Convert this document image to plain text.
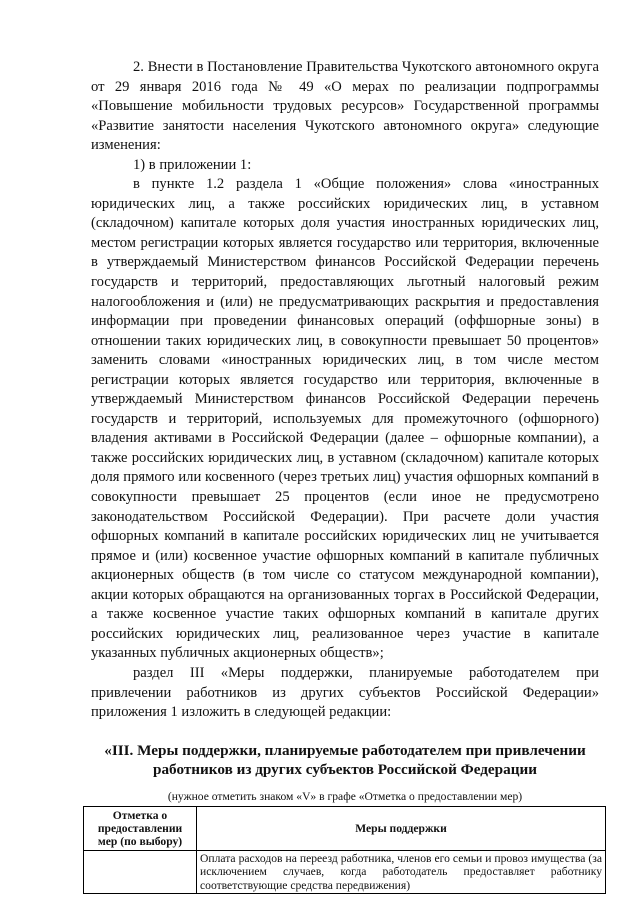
2. Внести в Постановление Правительства Чукотского автономного округа от 29 января 2016 года № 49 «О мерах по реализации подпрограммы «Повышение мобильности трудовых ресурсов» Государственной программы «Развитие занятости населения Чукотского автономного округа» следующие изменения:

1) в приложении 1:

в пункте 1.2 раздела 1 «Общие положения» слова «иностранных юридических лиц, а также российских юридических лиц, в уставном (складочном) капитале которых доля участия иностранных юридических лиц, местом регистрации которых является государство или территория, включенные в утверждаемый Министерством финансов Российской Федерации перечень государств и территорий, предоставляющих льготный налоговый режим налогообложения и (или) не предусматривающих раскрытия и предоставления информации при проведении финансовых операций (оффшорные зоны) в отношении таких юридических лиц, в совокупности превышает 50 процентов» заменить словами «иностранных юридических лиц, в том числе местом регистрации которых является государство или территория, включенные в утверждаемый Министерством финансов Российской Федерации перечень государств и территорий, используемых для промежуточного (офшорного) владения активами в Российской Федерации (далее – офшорные компании), а также российских юридических лиц, в уставном (складочном) капитале которых доля прямого или косвенного (через третьих лиц) участия офшорных компаний в совокупности превышает 25 процентов (если иное не предусмотрено законодательством Российской Федерации). При расчете доли участия офшорных компаний в капитале российских юридических лиц не учитывается прямое и (или) косвенное участие офшорных компаний в капитале публичных акционерных обществ (в том числе со статусом международной компании), акции которых обращаются на организованных торгах в Российской Федерации, а также косвенное участие таких офшорных компаний в капитале других российских юридических лиц, реализованное через участие в капитале указанных публичных акционерных обществ»;

раздел III «Меры поддержки, планируемые работодателем при привлечении работников из других субъектов Российской Федерации» приложения 1 изложить в следующей редакции:

«III. Меры поддержки, планируемые работодателем при привлечении работников из других субъектов Российской Федерации
(нужное отметить знаком «V» в графе «Отметка о предоставлении мер)
Отметка о предоставлении мер (по выбору)	Меры поддержки
	Оплата расходов на переезд работника, членов его семьи и провоз имущества (за исключением случаев, когда работодатель предоставляет работнику соответствующие средства передвижения)
